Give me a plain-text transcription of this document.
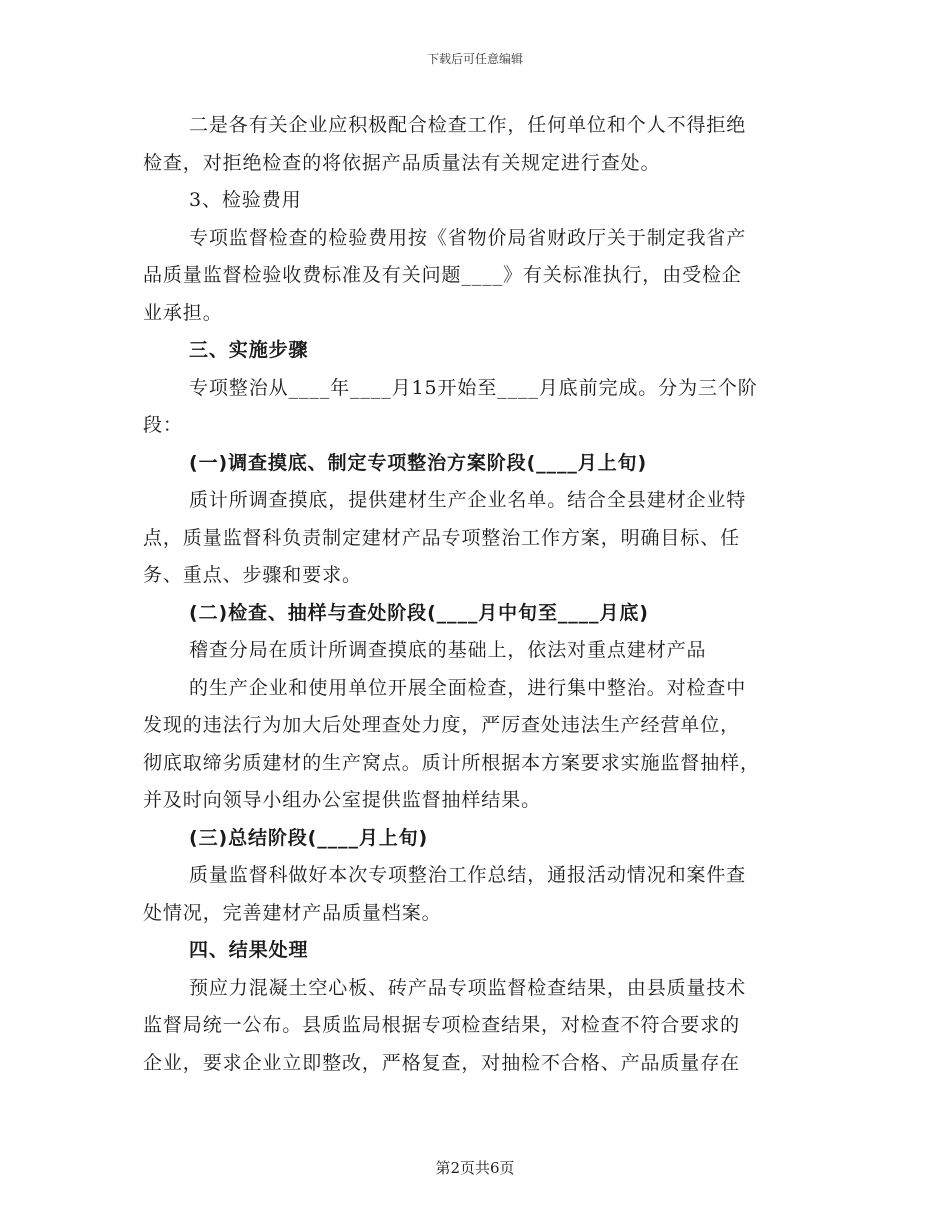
下载后可任意编辑
二是各有关企业应积极配合检查工作，任何单位和个人不得拒绝
检查，对拒绝检查的将依据产品质量法有关规定进行查处。
3、检验费用
专项监督检查的检验费用按《省物价局省财政厅关于制定我省产
品质量监督检验收费标准及有关问题____》有关标准执行，由受检企
业承担。
三、实施步骤
专项整治从____年____月15开始至____月底前完成。分为三个阶
段：
(一)调查摸底、制定专项整治方案阶段(____月上旬)
质计所调查摸底，提供建材生产企业名单。结合全县建材企业特
点，质量监督科负责制定建材产品专项整治工作方案，明确目标、任
务、重点、步骤和要求。
(二)检查、抽样与查处阶段(____月中旬至____月底)
稽查分局在质计所调查摸底的基础上，依法对重点建材产品
的生产企业和使用单位开展全面检查，进行集中整治。对检查中
发现的违法行为加大后处理查处力度，严厉查处违法生产经营单位，
彻底取缔劣质建材的生产窝点。质计所根据本方案要求实施监督抽样，
并及时向领导小组办公室提供监督抽样结果。
(三)总结阶段(____月上旬)
质量监督科做好本次专项整治工作总结，通报活动情况和案件查
处情况，完善建材产品质量档案。
四、结果处理
预应力混凝土空心板、砖产品专项监督检查结果，由县质量技术
监督局统一公布。县质监局根据专项检查结果，对检查不符合要求的
企业，要求企业立即整改，严格复查，对抽检不合格、产品质量存在
第2页共6页
